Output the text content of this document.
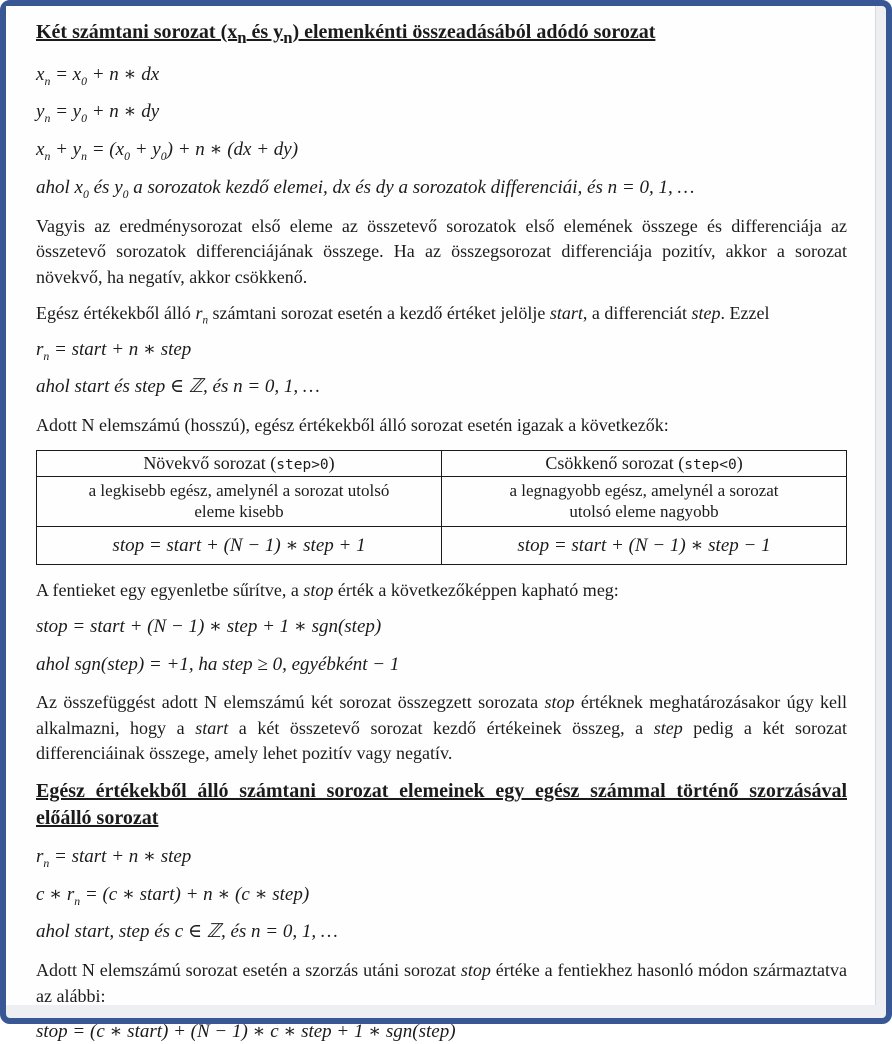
Két számtani sorozat ($x_n$ és $y_n$) elemenkénti összeadásából adódó sorozat
$x_n = x_0 + n$ ∗ dx
$y_n = y_0 + n$ ∗ dy
$x_n + y_n = (x_0 + y_0) + n$ ∗ (dx + dy)
ahol $x_0$ és $y_0$ a sorozatok kezdő elemei, dx és dy a sorozatok differenciái, és n = 0, 1, …

Vagyis az eredménysorozat első eleme az összetevő sorozatok első elemének összege és differenciája az összetevő sorozatok differenciájának összege. Ha az összegsorozat differenciája pozitív, akkor a sorozat növekvő, ha negatív, akkor csökkenő.

Egész értékekből álló $r_n$ számtani sorozat esetén a kezdő értéket jelölje start, a differenciát step. Ezzel

$r_n$ = start + n ∗ step
ahol start és step ∈ ℤ, és n = 0, 1, …

Adott N elemszámú (hosszú), egész értékekből álló sorozat esetén igazak a következők:

Növekvő sorozat (step>0)	Csökkenő sorozat (step<0)
a legkisebb egész, amelynél a sorozat utolsó eleme kisebb	a legnagyobb egész, amelynél a sorozat utolsó eleme nagyobb
stop = start + (N − 1) ∗ step + 1	stop = start + (N − 1) ∗ step − 1

A fentieket egy egyenletbe sűrítve, a stop érték a következőképpen kapható meg:

stop = start + (N − 1) ∗ step + 1 ∗ sgn(step)
ahol sgn(step) = +1, ha step ≥ 0, egyébként − 1

Az összefüggést adott N elemszámú két sorozat összegzett sorozata stop értéknek meghatározásakor úgy kell alkalmazni, hogy a start a két összetevő sorozat kezdő értékeinek összeg, a step pedig a két sorozat differenciáinak összege, amely lehet pozitív vagy negatív.

Egész értékekből álló számtani sorozat elemeinek egy egész számmal történő szorzásával előálló sorozat
$r_n$ = start + n ∗ step
c ∗ $r_n = (c$ ∗ start) + n ∗ (c ∗ step)
ahol start, step és c ∈ ℤ, és n = 0, 1, …

Adott N elemszámú sorozat esetén a szorzás utáni sorozat stop értéke a fentiekhez hasonló módon származtatva az alábbi:

stop = (c ∗ start) + (N − 1) ∗ c ∗ step + 1 ∗ sgn(step)
